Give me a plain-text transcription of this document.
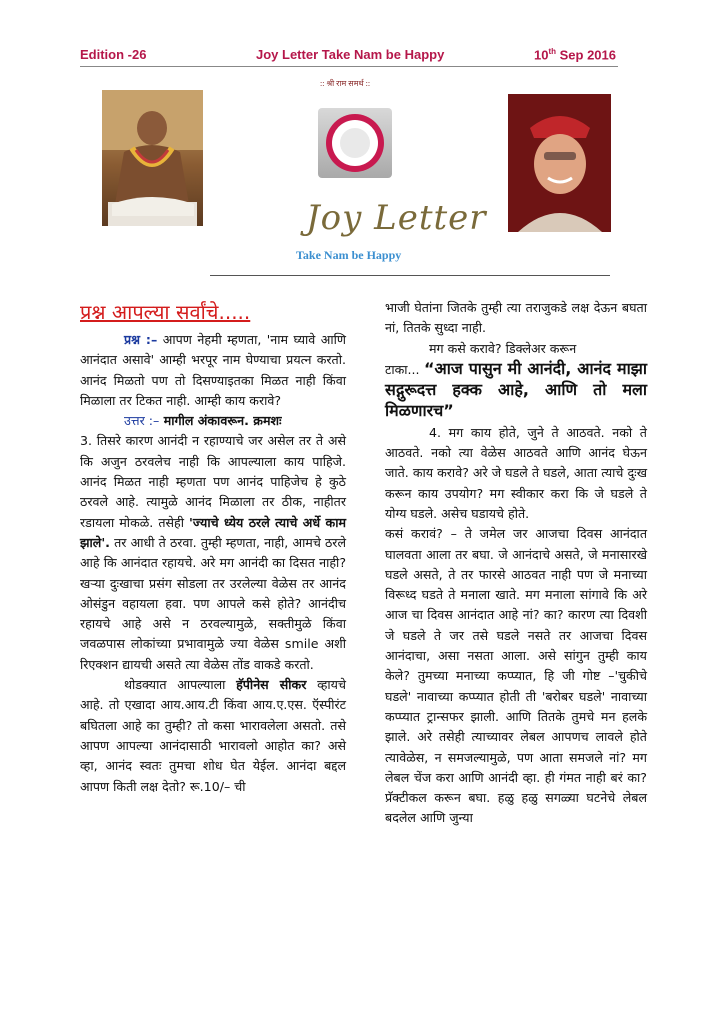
Edition -26	Joy Letter Take Nam be Happy	10th Sep 2016
:: श्री राम समर्थ ::
Joy Letter
Take Nam be Happy
प्रश्न आपल्या सर्वांचे.....

प्रश्न :– आपण नेहमी म्हणता, 'नाम घ्यावे आणि आनंदात असावे' आम्ही भरपूर नाम घेण्याचा प्रयत्न करतो. आनंद मिळतो पण तो दिसण्याइतका मिळत नाही किंवा मिळाला तर टिकत नाही. आम्ही काय करावे?

उत्तर :– मागील अंकावरून. क्रमशः

3. तिसरे कारण आनंदी न रहाण्याचे जर असेल तर ते असे कि अजुन ठरवलेच नाही कि आपल्याला काय पाहिजे. आनंद मिळत नाही म्हणता पण आनंद पाहिजेच हे कुठे ठरवले आहे. त्यामुळे आनंद मिळाला तर ठीक, नाहीतर रडायला मोकळे. तसेही 'ज्याचे ध्येय ठरले त्याचे अर्धे काम झाले'. तर आधी ते ठरवा. तुम्ही म्हणता, नाही, आमचे ठरले आहे कि आनंदात रहायचे. अरे मग आनंदी का दिसत नाही? खऱ्या दुःखाचा प्रसंग सोडला तर उरलेल्या वेळेस तर आनंद ओसंडुन वहायला हवा. पण आपले कसे होते? आनंदीच रहायचे आहे असे न ठरवल्यामुळे, सक्तीमुळे किंवा जवळपास लोकांच्या प्रभावामुळे ज्या वेळेस smile अशी रिएक्शन द्यायची असते त्या वेळेस तोंड वाकडे करतो.

थोडक्यात आपल्याला हॅपीनेस सीकर व्हायचे आहे. तो एखादा आय.आय.टी किंवा आय.ए.एस. ऍस्पीरंट बघितला आहे का तुम्ही? तो कसा भारावलेला असतो. तसे आपण आपल्या आनंदासाठी भारावलो आहोत का? असे व्हा, आनंद स्वतः तुमचा शोध घेत येईल. आनंदा बद्दल आपण किती लक्ष देतो? रू.10/– ची

भाजी घेतांना जितके तुम्ही त्या तराजुकडे लक्ष देऊन बघता नां, तितके सुध्दा नाही.

मग कसे करावे? डिक्लेअर करून

टाका... “आज पासुन मी आनंदी, आनंद माझा सद्गुरूदत्त हक्क आहे, आणि तो मला मिळणारच”

4. मग काय होते, जुने ते आठवते. नको ते आठवते. नको त्या वेळेस आठवते आणि आनंद घेऊन जाते. काय करावे? अरे जे घडले ते घडले, आता त्याचे दुःख करून काय उपयोग? मग स्वीकार करा कि जे घडले ते योग्य घडले. असेच घडायचे होते.

कसं करावं? – ते जमेल जर आजचा दिवस आनंदात घालवता आला तर बघा. जे आनंदाचे असते, जे मनासारखे घडले असते, ते तर फारसे आठवत नाही पण जे मनाच्या विरूध्द घडते ते मनाला खाते. मग मनाला सांगावे कि अरे आज चा दिवस आनंदात आहे नां? का? कारण त्या दिवशी जे घडले ते जर तसे घडले नसते तर आजचा दिवस आनंदाचा, असा नसता आला. असे सांगुन तुम्ही काय केले? तुमच्या मनाच्या कप्प्यात, हि जी गोष्ट –'चुकीचे घडले' नावाच्या कप्प्यात होती ती 'बरोबर घडले' नावाच्या कप्प्यात ट्रान्सफर झाली. आणि तितके तुमचे मन हलके झाले. अरे तसेही त्याच्यावर लेबल आपणच लावले होते त्यावेळेस, न समजल्यामुळे, पण आता समजले नां? मग लेबल चेंज करा आणि आनंदी व्हा. ही गंमत नाही बरं का? प्रॅक्टीकल करून बघा. हळु हळु सगळ्या घटनेचे लेबल बदलेल आणि जुन्या
